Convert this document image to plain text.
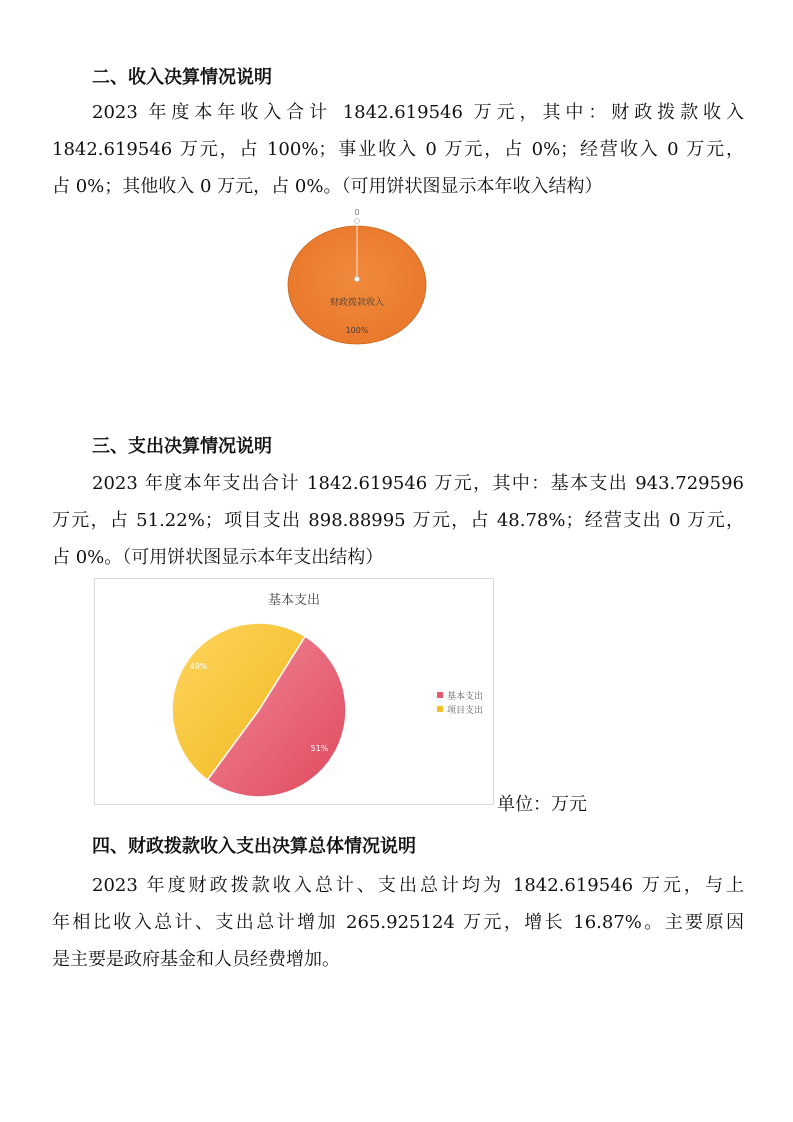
二、收入决算情况说明
2023 年度本年收入合计 1842.619546 万元，其中：财政拨款收入
1842.619546 万元，占 100%；事业收入 0 万元，占 0%；经营收入 0 万元，
占 0%；其他收入 0 万元，占 0%。（可用饼状图显示本年收入结构）
0
财政拨款收入
100%
三、支出决算情况说明
2023 年度本年支出合计 1842.619546 万元，其中：基本支出 943.729596
万元，占 51.22%；项目支出 898.88995 万元，占 48.78%；经营支出 0 万元，
占 0%。（可用饼状图显示本年支出结构）
基本支出
51%
49%
基本支出
项目支出
单位：万元
四、财政拨款收入支出决算总体情况说明
2023 年度财政拨款收入总计、支出总计均为 1842.619546 万元，与上
年相比收入总计、支出总计增加 265.925124 万元，增长 16.87%。主要原因
是主要是政府基金和人员经费增加。
